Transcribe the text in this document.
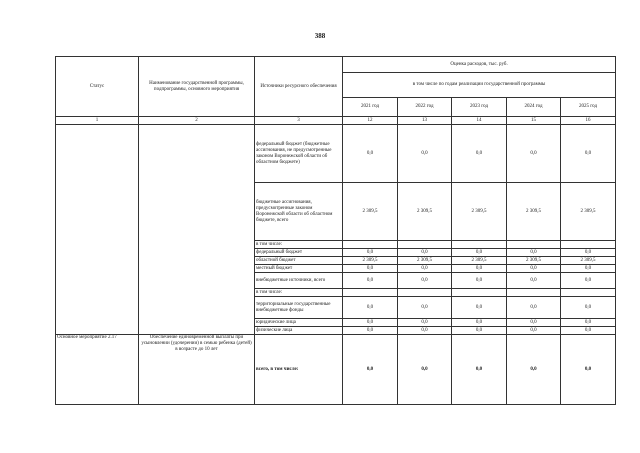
388
Статус	Наименование государственной программы, подпрограммы, основного мероприятия	Источники ресурсного обеспечения	Оценка расходов, тыс. руб.				
			в том числе по годам реализации государственной программы				
			2021 год	2022 год	2023 год	2024 год	2025 год
1	2	3	12	13	14	15	16
		федеральный бюджет (бюджетные ассигнования, не предусмотренные законом Воронежской области об областном бюджете)	0,0	0,0	0,0	0,0	0,0
		бюджетные ассигнования, предусмотренные законом Воронежской области об областном бюджете, всего	2 309,5	2 309,5	2 309,5	2 309,5	2 309,5
		в том числе:					
		федеральный бюджет	0,0	0,0	0,0	0,0	0,0
		областной бюджет	2 309,5	2 309,5	2 309,5	2 309,5	2 309,5
		местный бюджет	0,0	0,0	0,0	0,0	0,0
		внебюджетные источники, всего	0,0	0,0	0,0	0,0	0,0
		в том числе:					
		территориальные государственные внебюджетные фонды	0,0	0,0	0,0	0,0	0,0
		юридические лица	0,0	0,0	0,0	0,0	0,0
		физические лица	0,0	0,0	0,0	0,0	0,0
Основное мероприятие 2.17	Обеспечение единовременной выплаты при усыновлении (удочерении) в семью ребенка (детей) в возрасте до 10 лет	всего, в том числе:	0,0	0,0	0,0	0,0	0,0
